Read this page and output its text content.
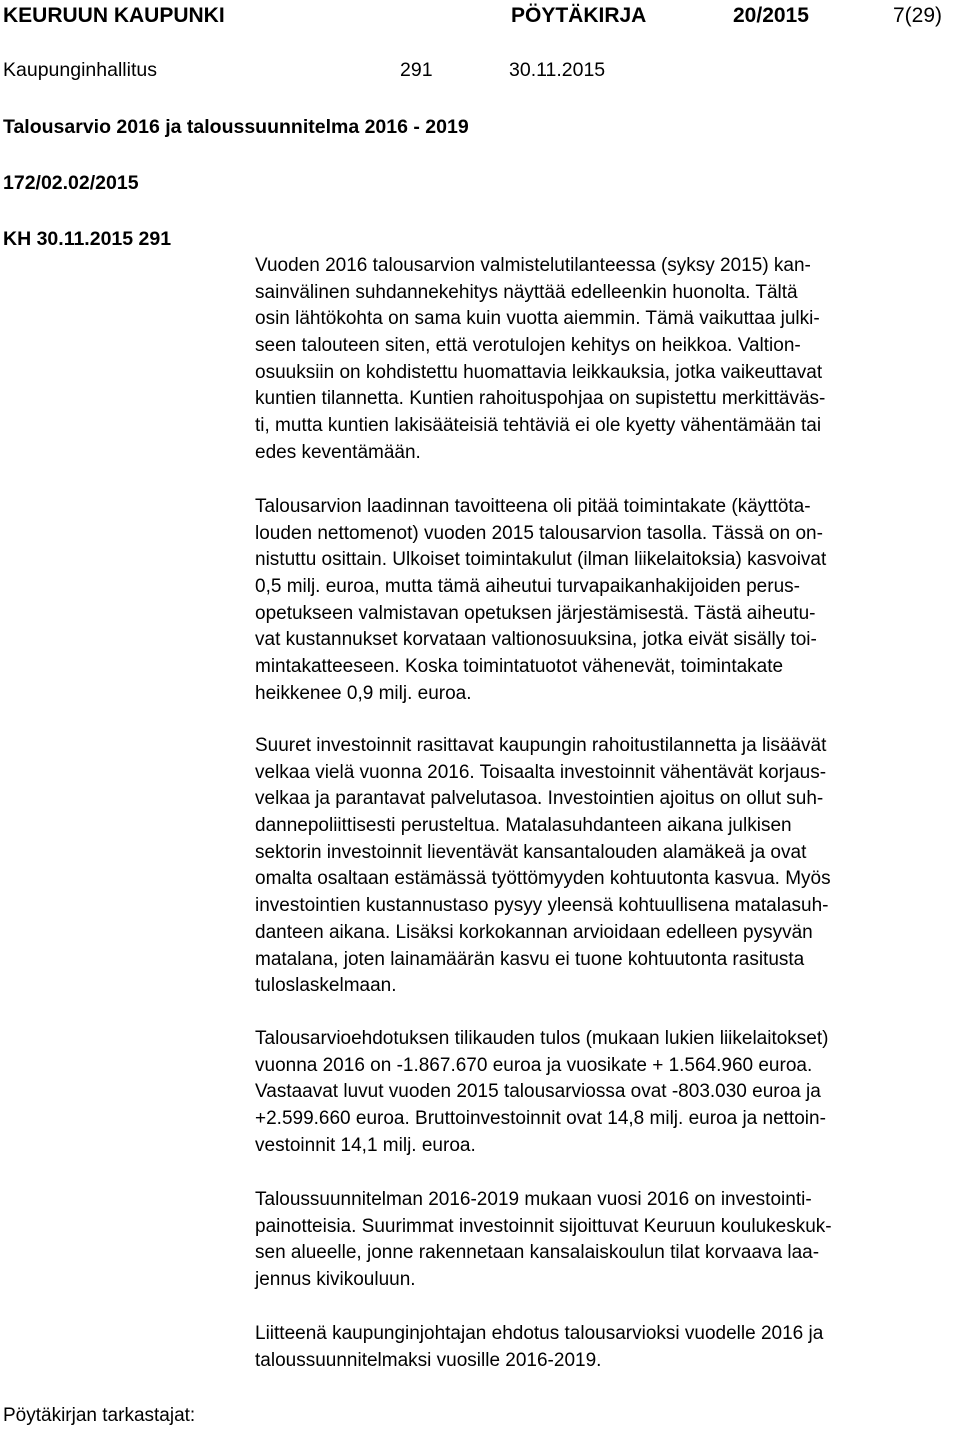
KEURUUN KAUPUNKI	PÖYTÄKIRJA	20/2015	7(29)
Kaupunginhallitus	291	30.11.2015
Talousarvio 2016 ja taloussuunnitelma 2016 - 2019
172/02.02/2015
KH 30.11.2015 291
Vuoden 2016 talousarvion valmistelutilanteessa (syksy 2015) kan-
sainvälinen suhdannekehitys näyttää edelleenkin huonolta. Tältä
osin lähtökohta on sama kuin vuotta aiemmin. Tämä vaikuttaa julki-
seen talouteen siten, että verotulojen kehitys on heikkoa. Valtion-
osuuksiin on kohdistettu huomattavia leikkauksia, jotka vaikeuttavat
kuntien tilannetta. Kuntien rahoituspohjaa on supistettu merkittäväs-
ti, mutta kuntien lakisääteisiä tehtäviä ei ole kyetty vähentämään tai
edes keventämään.
Talousarvion laadinnan tavoitteena oli pitää toimintakate (käyttöta-
louden nettomenot) vuoden 2015 talousarvion tasolla. Tässä on on-
nistuttu osittain. Ulkoiset toimintakulut (ilman liikelaitoksia) kasvoivat
0,5 milj. euroa, mutta tämä aiheutui turvapaikanhakijoiden perus-
opetukseen valmistavan opetuksen järjestämisestä. Tästä aiheutu-
vat kustannukset korvataan valtionosuuksina, jotka eivät sisälly toi-
mintakatteeseen. Koska toimintatuotot vähenevät, toimintakate
heikkenee 0,9 milj. euroa.
Suuret investoinnit rasittavat kaupungin rahoitustilannetta ja lisäävät
velkaa vielä vuonna 2016. Toisaalta investoinnit vähentävät korjaus-
velkaa ja parantavat palvelutasoa. Investointien ajoitus on ollut suh-
dannepoliittisesti perusteltua. Matalasuhdanteen aikana julkisen
sektorin investoinnit lieventävät kansantalouden alamäkeä ja ovat
omalta osaltaan estämässä työttömyyden kohtuutonta kasvua. Myös
investointien kustannustaso pysyy yleensä kohtuullisena matalasuh-
danteen aikana. Lisäksi korkokannan arvioidaan edelleen pysyvän
matalana, joten lainamäärän kasvu ei tuone kohtuutonta rasitusta
tuloslaskelmaan.
Talousarvioehdotuksen tilikauden tulos (mukaan lukien liikelaitokset)
vuonna 2016 on -1.867.670 euroa ja vuosikate + 1.564.960 euroa.
Vastaavat luvut vuoden 2015 talousarviossa ovat -803.030 euroa ja
+2.599.660 euroa. Bruttoinvestoinnit ovat 14,8 milj. euroa ja nettoin-
vestoinnit 14,1 milj. euroa.
Taloussuunnitelman 2016-2019 mukaan vuosi 2016 on investointi-
painotteisia. Suurimmat investoinnit sijoittuvat Keuruun koulukeskuk-
sen alueelle, jonne rakennetaan kansalaiskoulun tilat korvaava laa-
jennus kivikouluun.
Liitteenä kaupunginjohtajan ehdotus talousarvioksi vuodelle 2016 ja
taloussuunnitelmaksi vuosille 2016-2019.
Pöytäkirjan tarkastajat:
